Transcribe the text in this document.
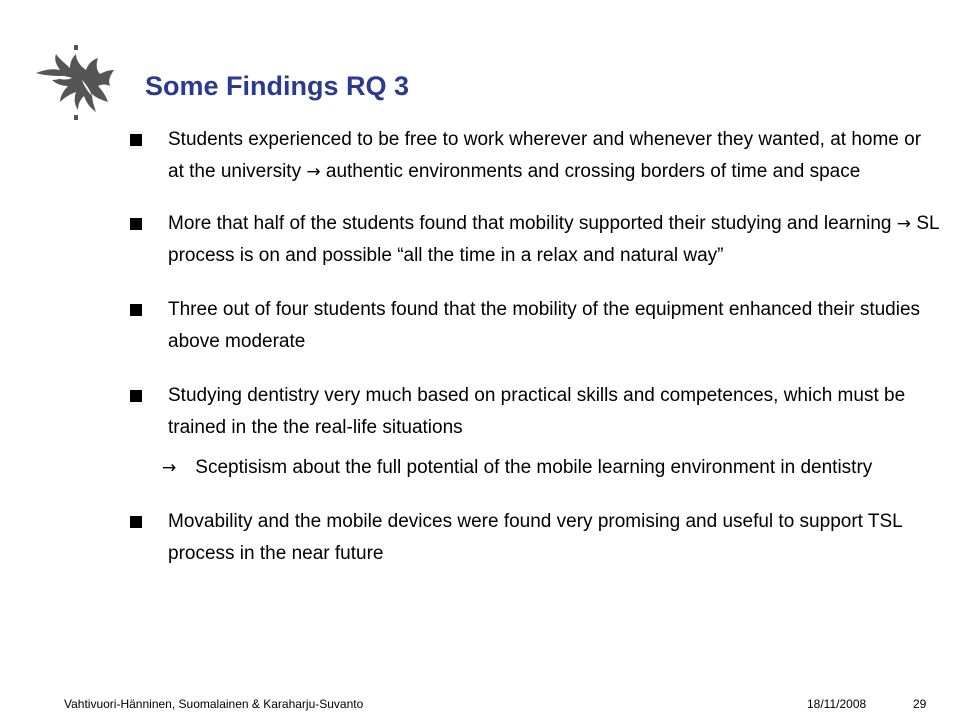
Some Findings RQ 3

Students experienced to be free to work wherever and whenever they wanted, at home or at the university → authentic environments and crossing borders of time and space

More that half of the students found that mobility supported their studying and learning → SL process is on and possible “all the time in a relax and natural way”

Three out of four students found that the mobility of the equipment enhanced their studies above moderate

Studying dentistry very much based on practical skills and competences, which must be trained in the the real-life situations

→ Sceptisism about the full potential of the mobile learning environment in dentistry

Movability and the mobile devices were found very promising and useful to support TSL process in the near future

Vahtivuori-Hänninen, Suomalainen & Karaharju-Suvanto	18/11/2008	29
